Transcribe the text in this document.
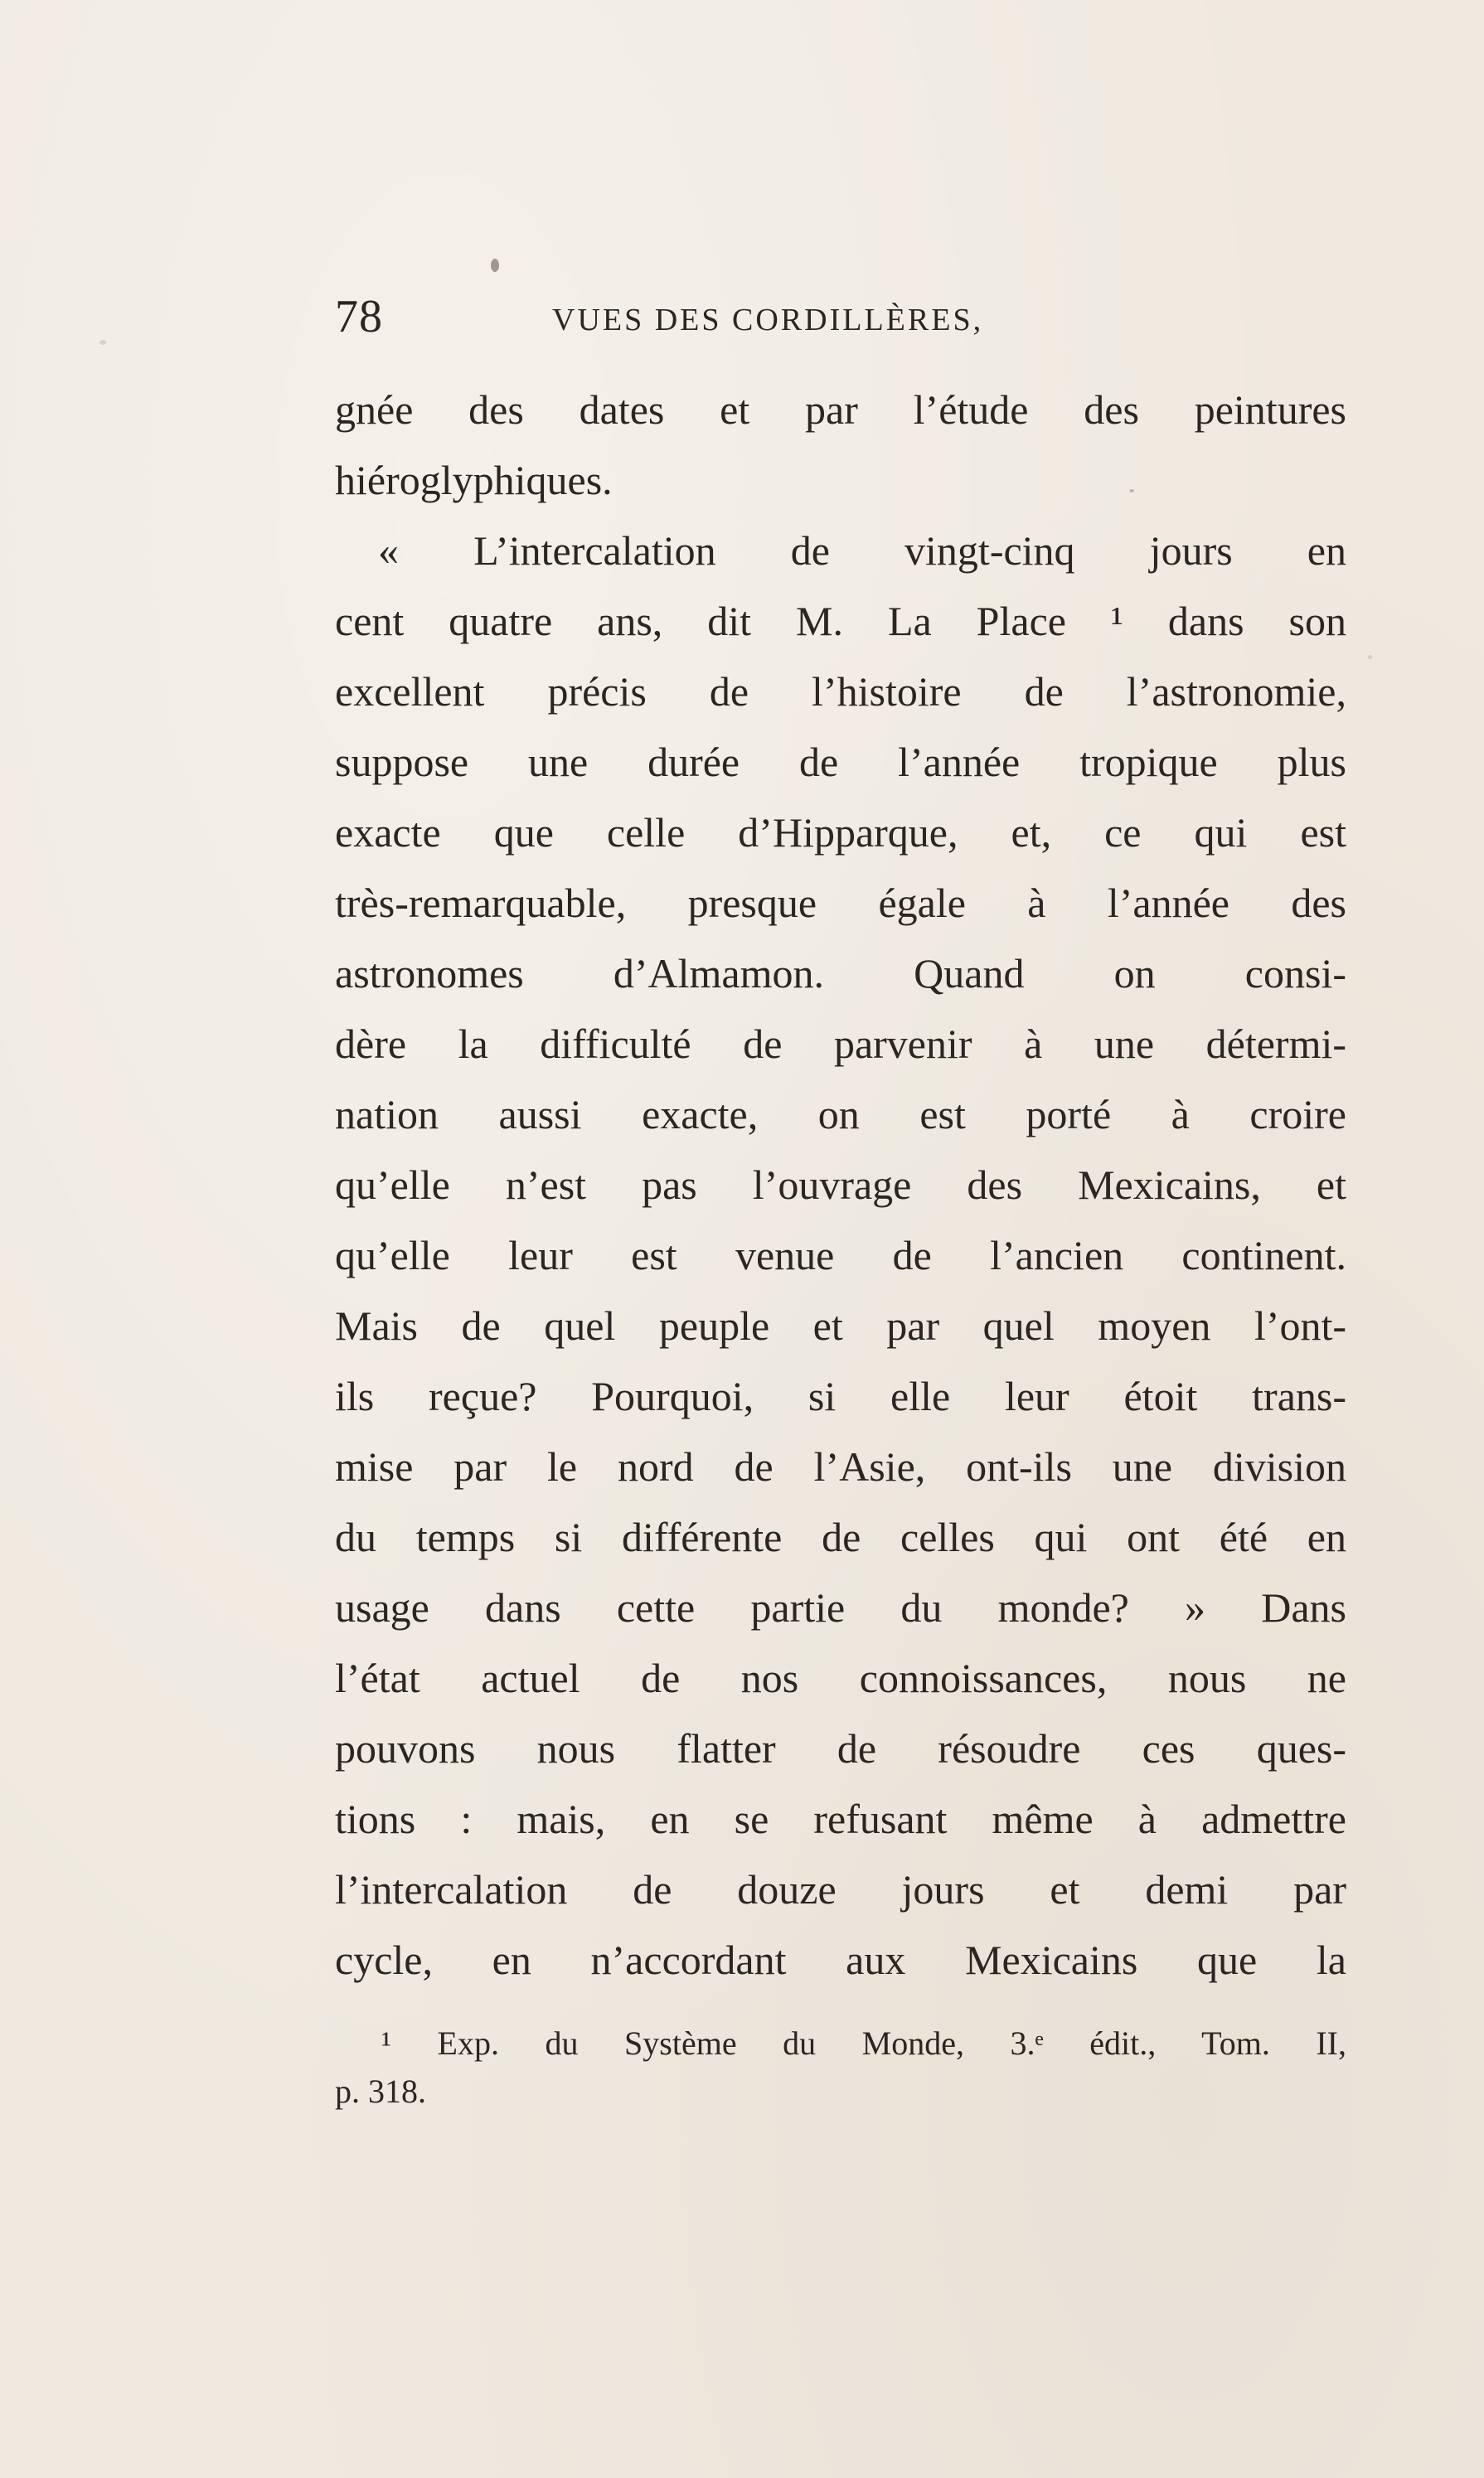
78	VUES DES CORDILLÈRES,
gnée des dates et par l’étude des peintures
hiéroglyphiques.
« L’intercalation de vingt-cinq jours en
cent quatre ans, dit M. La Place ¹ dans son
excellent précis de l’histoire de l’astronomie,
suppose une durée de l’année tropique plus
exacte que celle d’Hipparque, et, ce qui est
très-remarquable, presque égale à l’année des
astronomes d’Almamon. Quand on consi-
dère la difficulté de parvenir à une détermi-
nation aussi exacte, on est porté à croire
qu’elle n’est pas l’ouvrage des Mexicains, et
qu’elle leur est venue de l’ancien continent.
Mais de quel peuple et par quel moyen l’ont-
ils reçue? Pourquoi, si elle leur étoit trans-
mise par le nord de l’Asie, ont-ils une division
du temps si différente de celles qui ont été en
usage dans cette partie du monde? » Dans
l’état actuel de nos connoissances, nous ne
pouvons nous flatter de résoudre ces ques-
tions : mais, en se refusant même à admettre
l’intercalation de douze jours et demi par
cycle, en n’accordant aux Mexicains que la
¹ Exp. du Système du Monde, 3.ᵉ édit., Tom. II,
p. 318.
